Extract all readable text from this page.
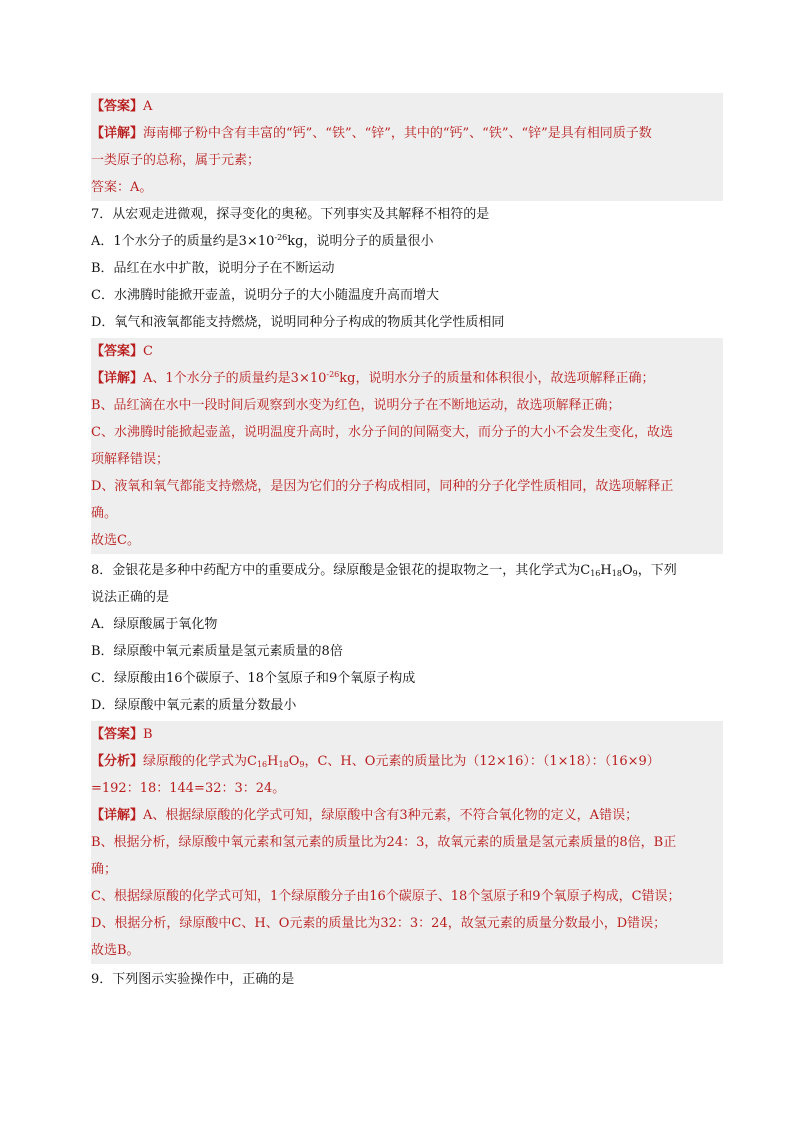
【答案】A
【详解】海南椰子粉中含有丰富的“钙”、“铁”、“锌”，其中的“钙”、“铁”、“锌”是具有相同质子数
一类原子的总称，属于元素；
答案：A。
7．从宏观走进微观，探寻变化的奥秘。下列事实及其解释不相符的是
A．1个水分子的质量约是$3\times 10^{-26}kg$，说明分子的质量很小
B．品红在水中扩散，说明分子在不断运动
C．水沸腾时能掀开壶盖，说明分子的大小随温度升高而增大
D．氧气和液氧都能支持燃烧，说明同种分子构成的物质其化学性质相同
【答案】C
【详解】A、1个水分子的质量约是$3\times 10^{-26}kg$，说明水分子的质量和体积很小，故选项解释正确；
B、品红滴在水中一段时间后观察到水变为红色，说明分子在不断地运动，故选项解释正确；
C、水沸腾时能掀起壶盖，说明温度升高时，水分子间的间隔变大，而分子的大小不会发生变化，故选
项解释错误；
D、液氧和氧气都能支持燃烧，是因为它们的分子构成相同，同种的分子化学性质相同，故选项解释正
确。
故选C。
8．金银花是多种中药配方中的重要成分。绿原酸是金银花的提取物之一，其化学式为$C_{16}H_{18}O_9$，下列
说法正确的是
A．绿原酸属于氧化物
B．绿原酸中氧元素质量是氢元素质量的8倍
C．绿原酸由16个碳原子、18个氢原子和9个氧原子构成
D．绿原酸中氧元素的质量分数最小
【答案】B
【分析】绿原酸的化学式为$C_{16}H_{18}O_9$，C、H、O元素的质量比为（12×16）：（1×18）：（16×9）
=192：18：144=32：3：24。
【详解】A、根据绿原酸的化学式可知，绿原酸中含有3种元素，不符合氧化物的定义，A错误；
B、根据分析，绿原酸中氧元素和氢元素的质量比为24：3，故氧元素的质量是氢元素质量的8倍，B正
确；
C、根据绿原酸的化学式可知，1个绿原酸分子由16个碳原子、18个氢原子和9个氧原子构成，C错误；
D、根据分析，绿原酸中C、H、O元素的质量比为32：3：24，故氢元素的质量分数最小，D错误；
故选B。
9．下列图示实验操作中，正确的是
